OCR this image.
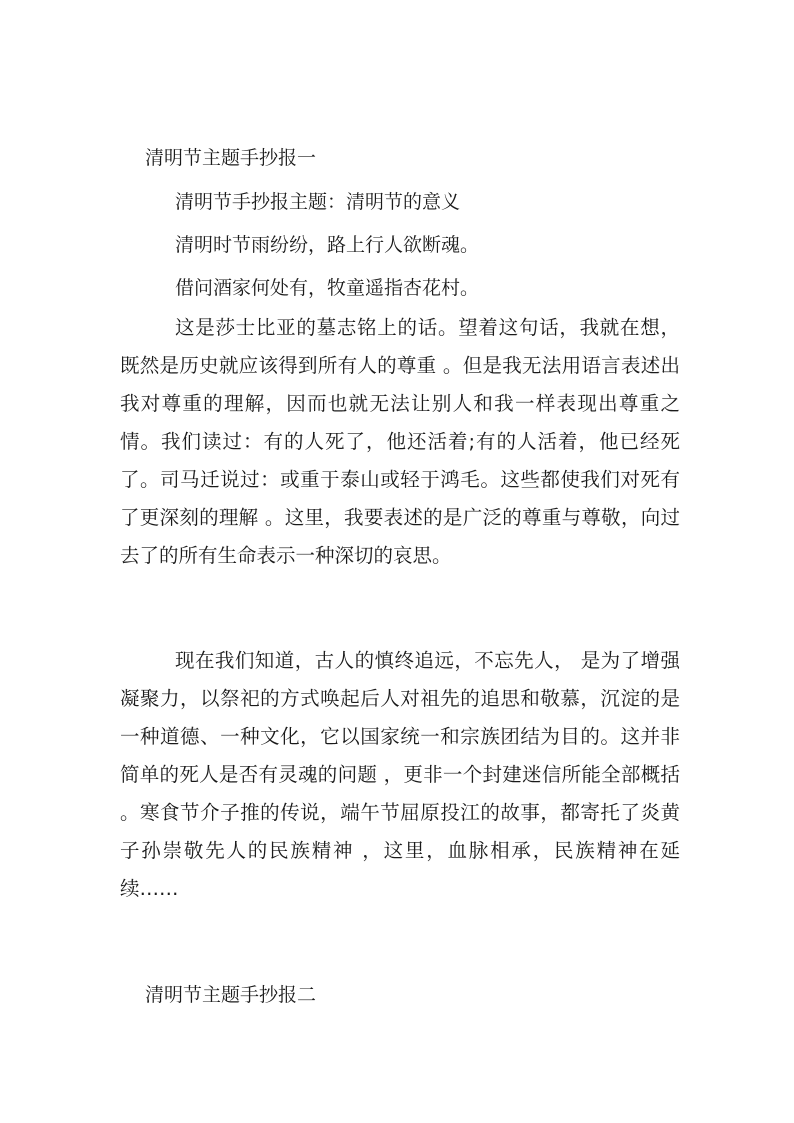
清明节主题手抄报一

清明节手抄报主题：清明节的意义

清明时节雨纷纷，路上行人欲断魂。

借问酒家何处有，牧童遥指杏花村。

这是莎士比亚的墓志铭上的话。望着这句话，我就在想，既然是历史就应该得到所有人的尊重 。但是我无法用语言表述出我对尊重的理解，因而也就无法让别人和我一样表现出尊重之情。我们读过：有的人死了，他还活着;有的人活着，他已经死了。司马迁说过：或重于泰山或轻于鸿毛。这些都使我们对死有了更深刻的理解 。这里，我要表述的是广泛的尊重与尊敬，向过去了的所有生命表示一种深切的哀思。

现在我们知道，古人的慎终追远，不忘先人， 是为了增强凝聚力，以祭祀的方式唤起后人对祖先的追思和敬慕，沉淀的是一种道德、一种文化，它以国家统一和宗族团结为目的。这并非简单的死人是否有灵魂的问题 ，更非一个封建迷信所能全部概括 。寒食节介子推的传说，端午节屈原投江的故事，都寄托了炎黄子孙崇敬先人的民族精神 ，这里，血脉相承，民族精神在延续……

清明节主题手抄报二
